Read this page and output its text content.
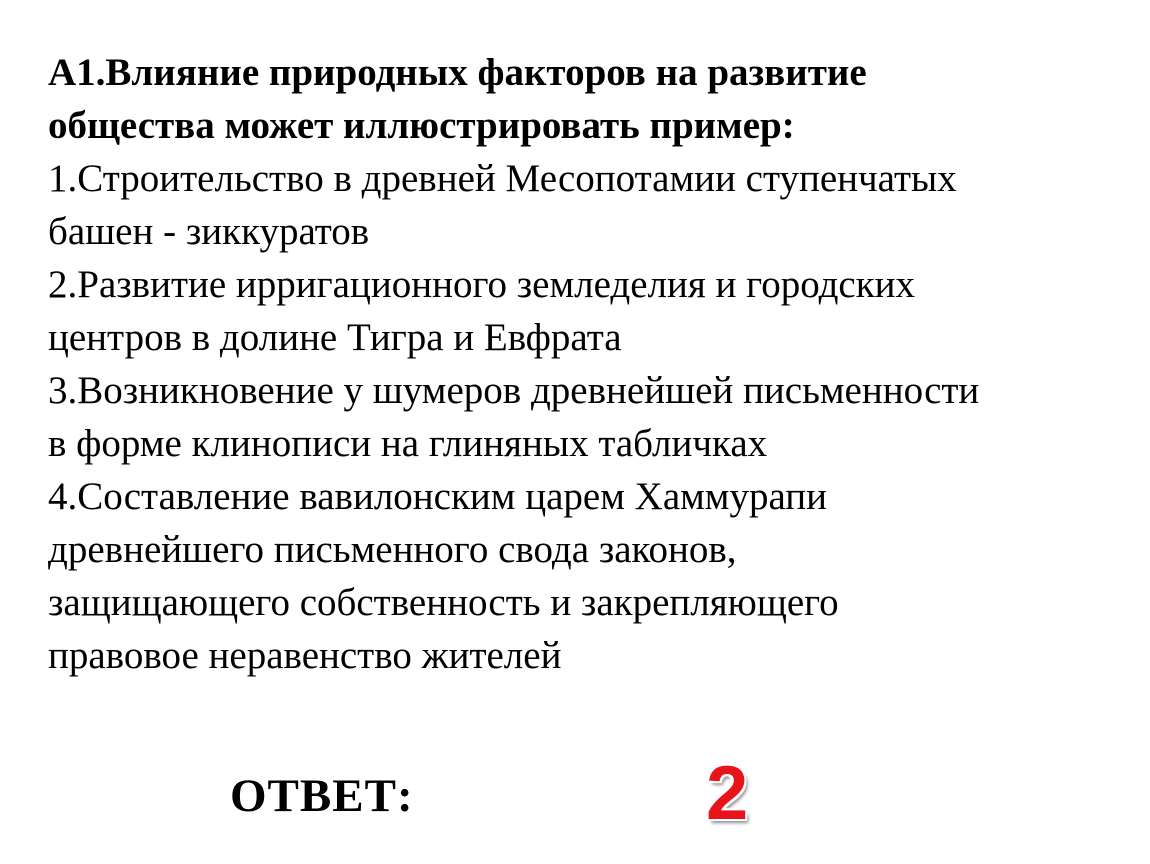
А1.Влияние природных факторов на развитие
общества может иллюстрировать пример:
1.Строительство в древней Месопотамии ступенчатых
башен - зиккуратов
2.Развитие ирригационного земледелия и городских
центров в долине Тигра и Евфрата
3.Возникновение у шумеров древнейшей письменности
в форме клинописи на глиняных табличках
4.Составление вавилонским царем Хаммурапи
древнейшего письменного свода законов,
защищающего собственность и закрепляющего
правовое неравенство жителей
ОТВЕТ:	2
